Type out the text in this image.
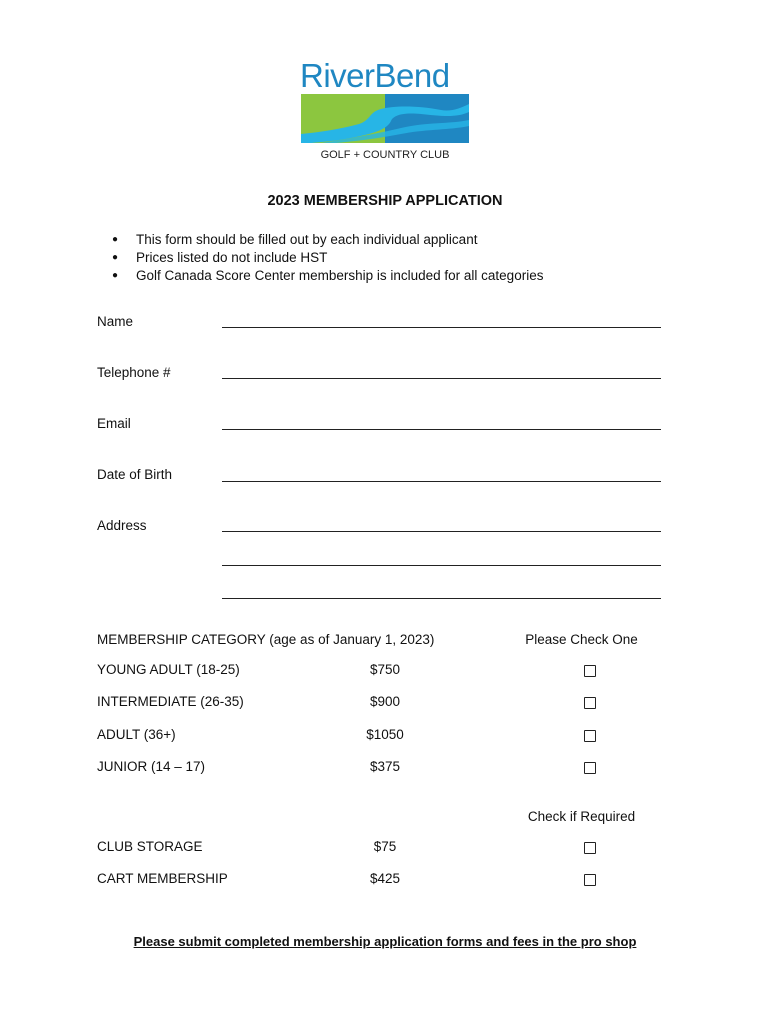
RiverBend
GOLF + COUNTRY CLUB
2023 MEMBERSHIP APPLICATION
● This form should be filled out by each individual applicant
● Prices listed do not include HST
● Golf Canada Score Center membership is included for all categories
Name
Telephone #
Email
Date of Birth
Address
MEMBERSHIP CATEGORY (age as of January 1, 2023)	Please Check One
YOUNG ADULT (18-25)	$750
INTERMEDIATE (26-35)	$900
ADULT (36+)	$1050
JUNIOR (14 – 17)	$375
Check if Required
CLUB STORAGE	$75
CART MEMBERSHIP	$425
Please submit completed membership application forms and fees in the pro shop
